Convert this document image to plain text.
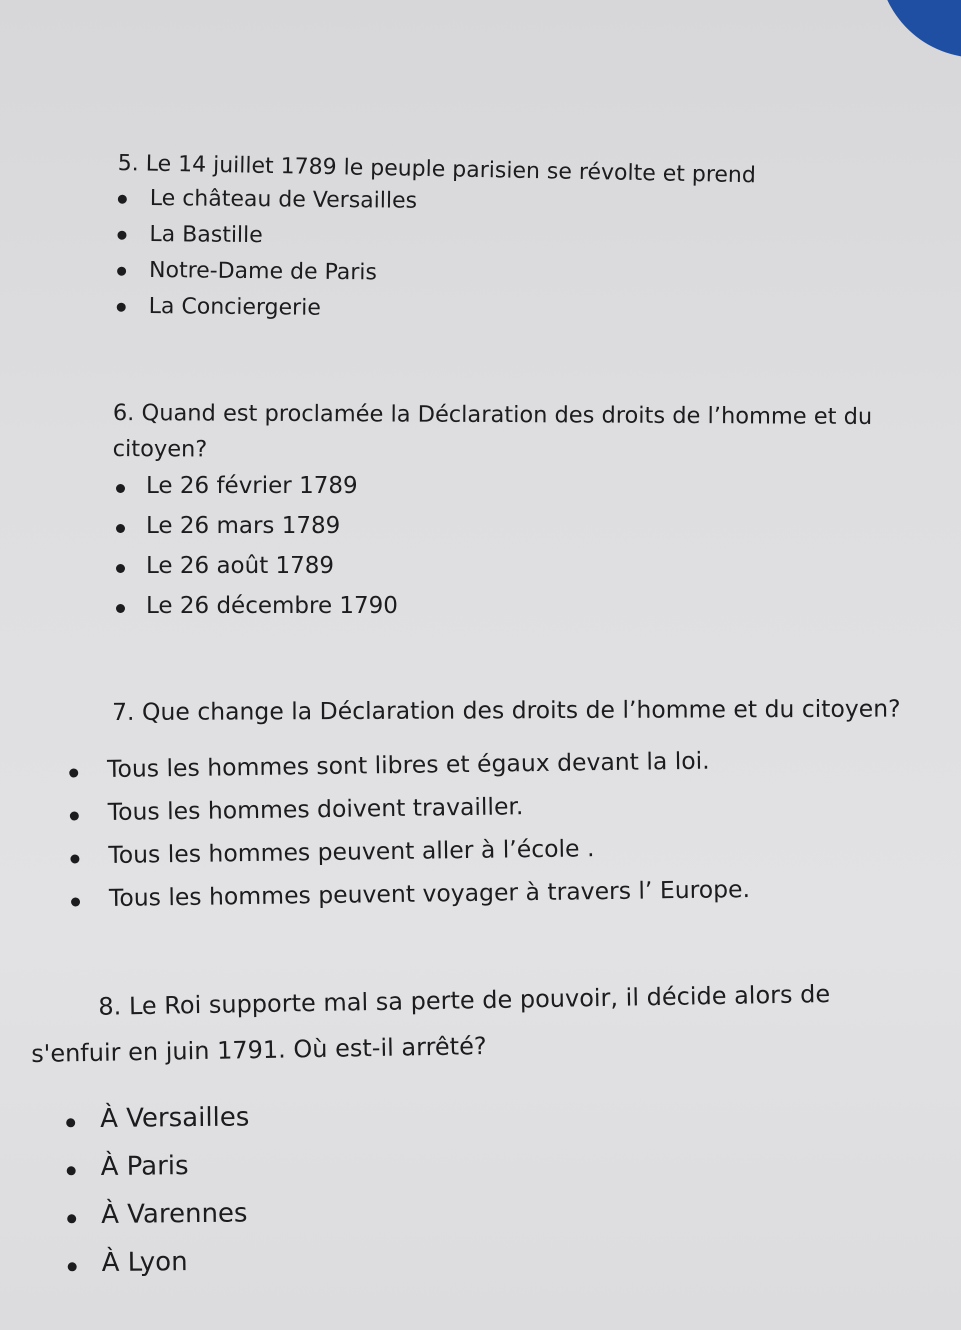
5. Le 14 juillet 1789 le peuple parisien se révolte et prend

Le château de Versailles
La Bastille
Notre-Dame de Paris
La Conciergerie

6. Quand est proclamée la Déclaration des droits de l’homme et du citoyen?

Le 26 février 1789
Le 26 mars 1789
Le 26 août 1789
Le 26 décembre 1790

7. Que change la Déclaration des droits de l’homme et du citoyen?

Tous les hommes sont libres et égaux devant la loi.
Tous les hommes doivent travailler.
Tous les hommes peuvent aller à l’école .
Tous les hommes peuvent voyager à travers l’ Europe.
8. Le Roi supporte mal sa perte de pouvoir, il décide alors de
s'enfuir en juin 1791. Où est-il arrêté?
À Versailles
À Paris
À Varennes
À Lyon
